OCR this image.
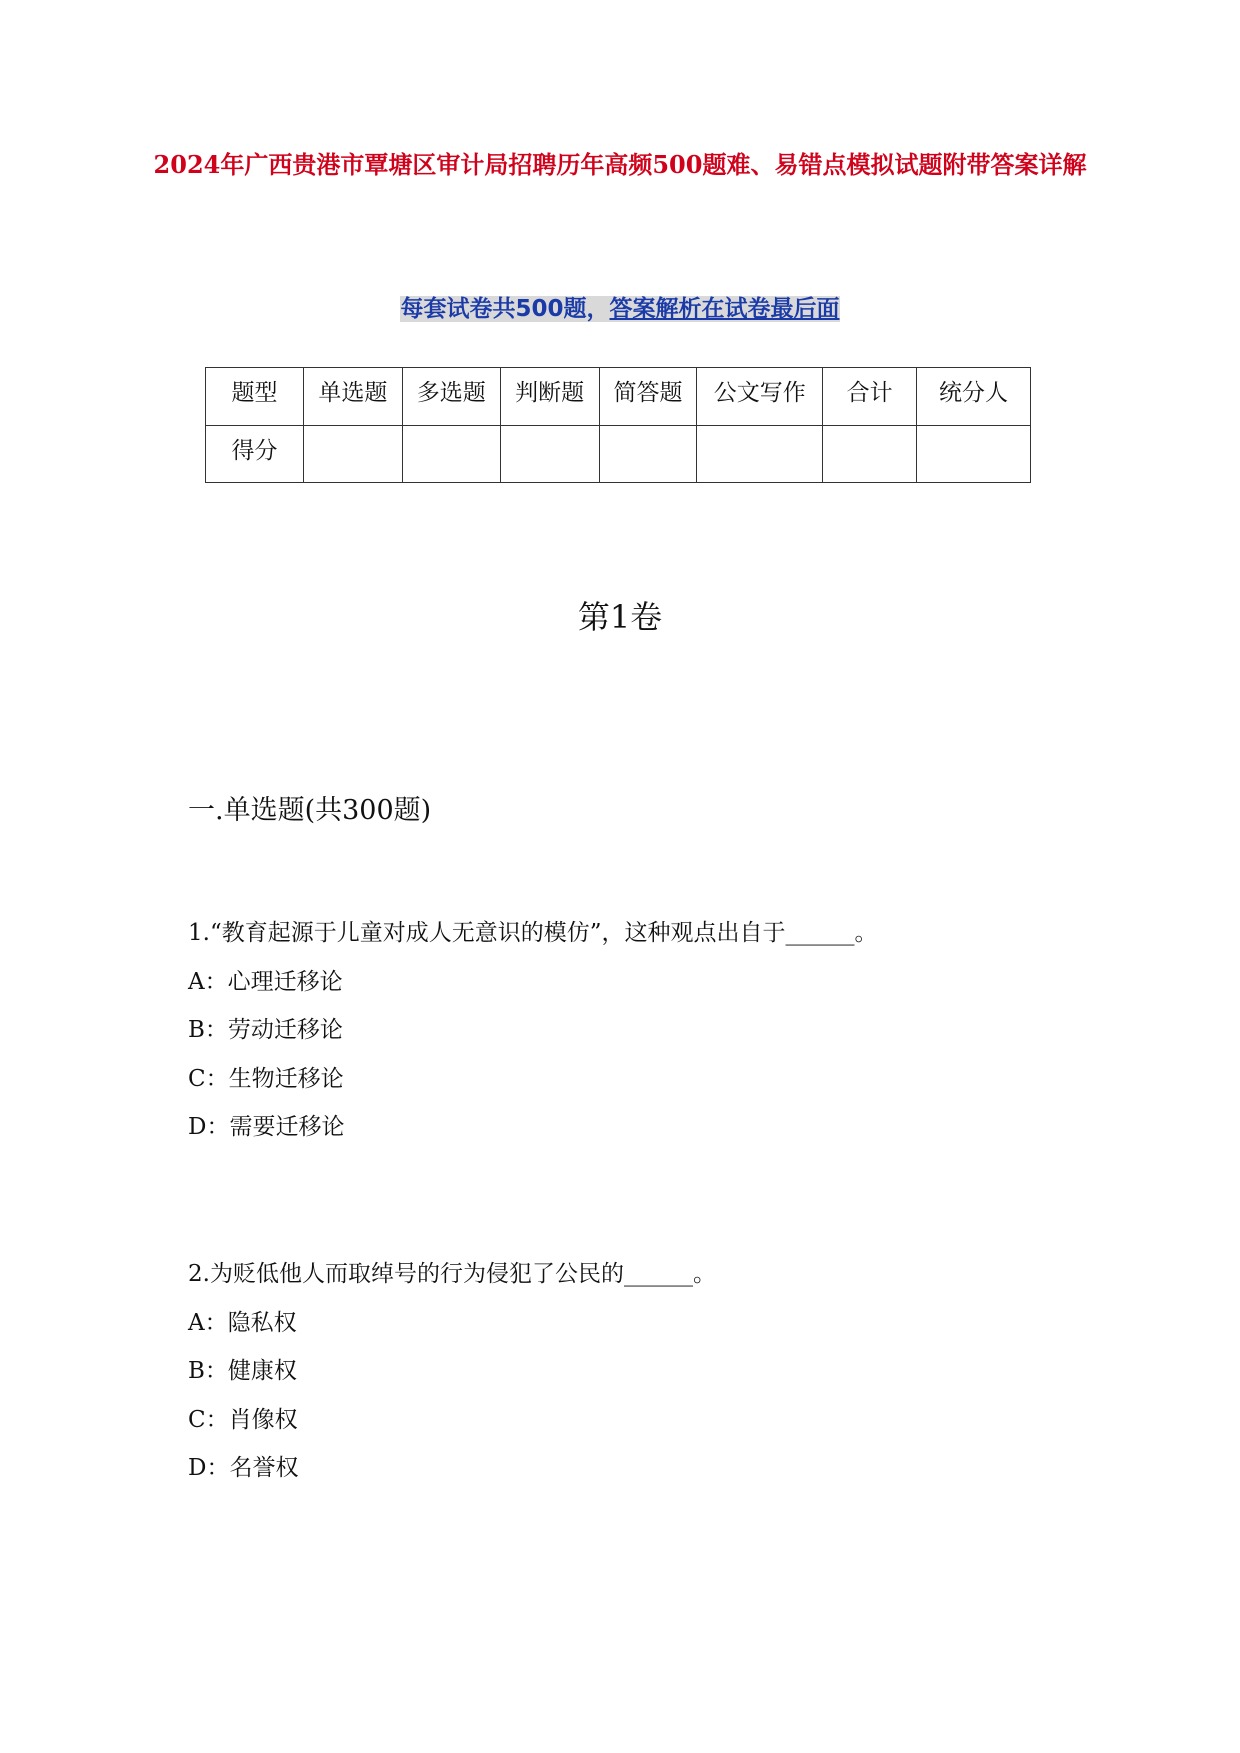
2024年广西贵港市覃塘区审计局招聘历年高频500题难、易错点模拟试题附带答案详解
每套试卷共500题，答案解析在试卷最后面
题型	单选题	多选题	判断题	简答题	公文写作	合计	统分人
得分							
第1卷
一.单选题(共300题)
1.“教育起源于儿童对成人无意识的模仿”，这种观点出自于______。
A：心理迁移论
B：劳动迁移论
C：生物迁移论
D：需要迁移论
2.为贬低他人而取绰号的行为侵犯了公民的______。
A：隐私权
B：健康权
C：肖像权
D：名誉权
